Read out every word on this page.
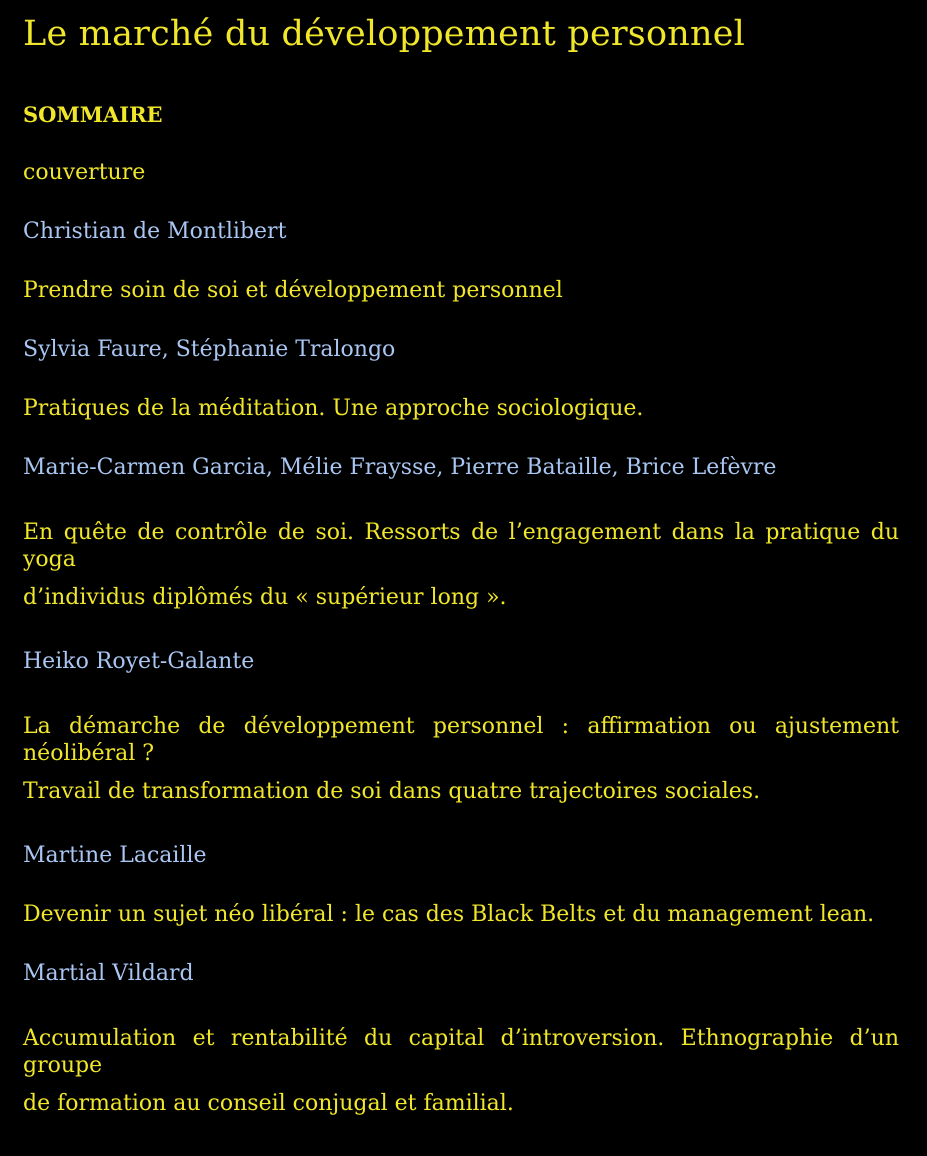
Le marché du développement personnel
SOMMAIRE
couverture
Christian de Montlibert
Prendre soin de soi et développement personnel
Sylvia Faure, Stéphanie Tralongo
Pratiques de la méditation. Une approche sociologique.
Marie-Carmen Garcia, Mélie Fraysse, Pierre Bataille, Brice Lefèvre
En quête de contrôle de soi. Ressorts de l’engagement dans la pratique du
yoga
d’individus diplômés du « supérieur long ».
Heiko Royet-Galante
La démarche de développement personnel : affirmation ou ajustement
néolibéral ?
Travail de transformation de soi dans quatre trajectoires sociales.
Martine Lacaille
Devenir un sujet néo libéral : le cas des Black Belts et du management lean.
Martial Vildard
Accumulation et rentabilité du capital d’introversion. Ethnographie d’un
groupe
de formation au conseil conjugal et familial.
